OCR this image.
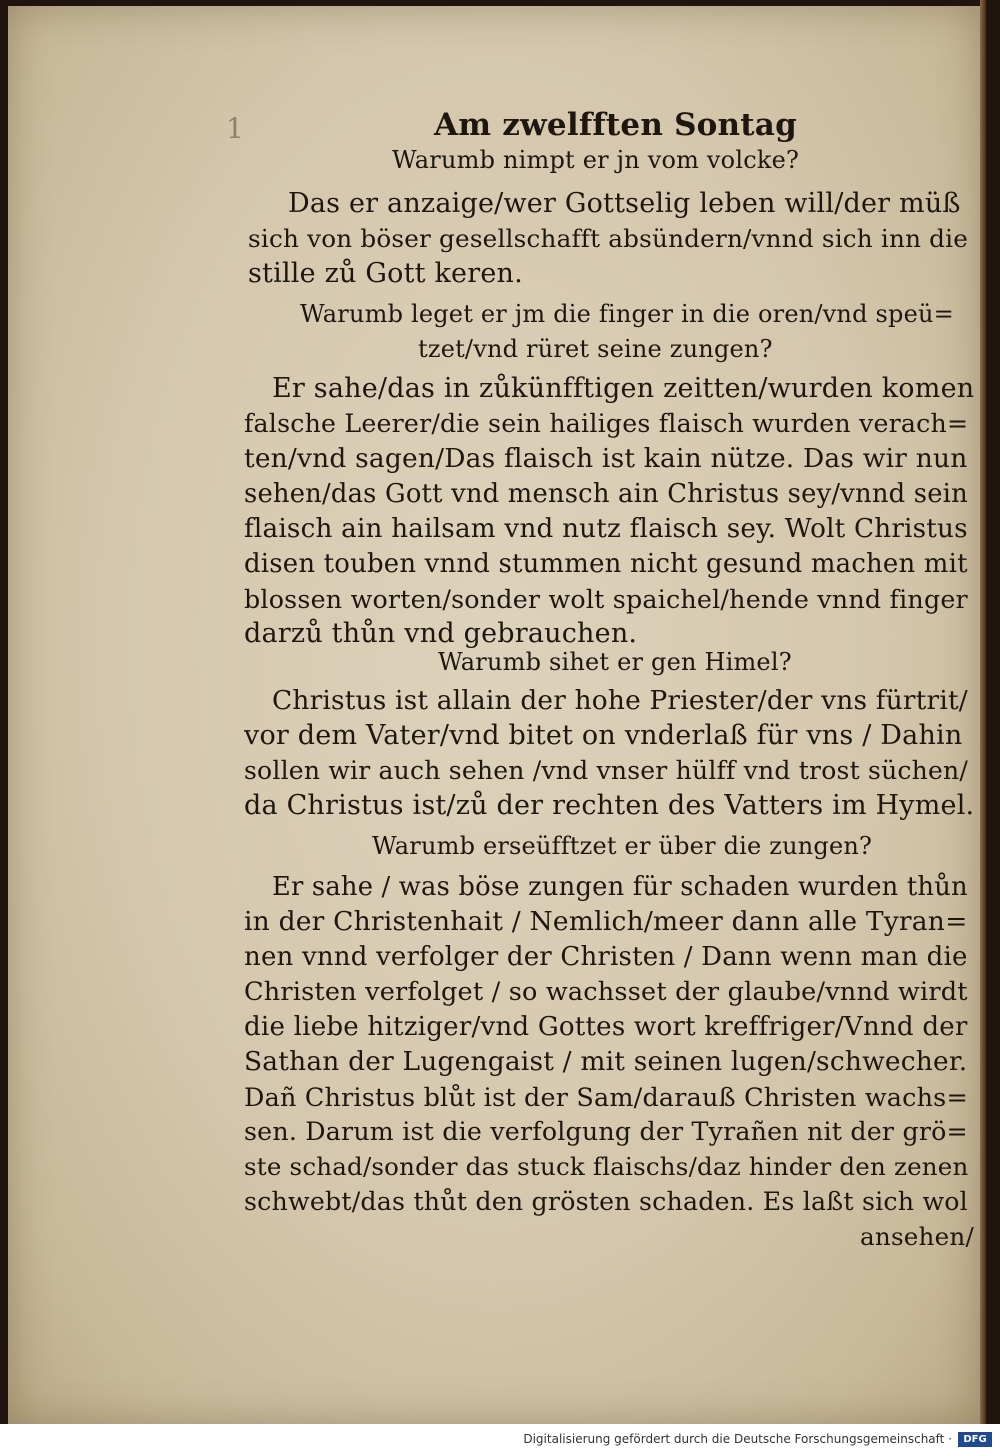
1	Am zwelfften Sontag
Warumb nimpt er jn vom volcke?
Das er anzaige/wer Gottselig leben will/der müß
sich von böser gesellschafft absündern/vnnd sich inn die
stille zů Gott keren.
Warumb leget er jm die finger in die oren/vnd speü=
tzet/vnd rüret seine zungen?
Er sahe/das in zůkünfftigen zeitten/wurden komen
falsche Leerer/die sein hailiges flaisch wurden verach=
ten/vnd sagen/Das flaisch ist kain nütze. Das wir nun
sehen/das Gott vnd mensch ain Christus sey/vnnd sein
flaisch ain hailsam vnd nutz flaisch sey. Wolt Christus
disen touben vnnd stummen nicht gesund machen mit
blossen worten/sonder wolt spaichel/hende vnnd finger
darzů thůn vnd gebrauchen.
Warumb sihet er gen Himel?
Christus ist allain der hohe Priester/der vns fürtrit/
vor dem Vater/vnd bitet on vnderlaß für vns / Dahin
sollen wir auch sehen /vnd vnser hülff vnd trost süchen/
da Christus ist/zů der rechten des Vatters im Hymel.
Warumb erseüfftzet er über die zungen?
Er sahe / was böse zungen für schaden wurden thůn
in der Christenhait / Nemlich/meer dann alle Tyran=
nen vnnd verfolger der Christen / Dann wenn man die
Christen verfolget / so wachsset der glaube/vnnd wirdt
die liebe hitziger/vnd Gottes wort kreffriger/Vnnd der
Sathan der Lugengaist / mit seinen lugen/schwecher.
Dañ Christus blůt ist der Sam/darauß Christen wachs=
sen. Darum ist die verfolgung der Tyrañen nit der grö=
ste schad/sonder das stuck flaischs/daz hinder den zenen
schwebt/das thůt den grösten schaden. Es laßt sich wol
ansehen/
Digitalisierung gefördert durch die Deutsche Forschungsgemeinschaft ·	DFG
